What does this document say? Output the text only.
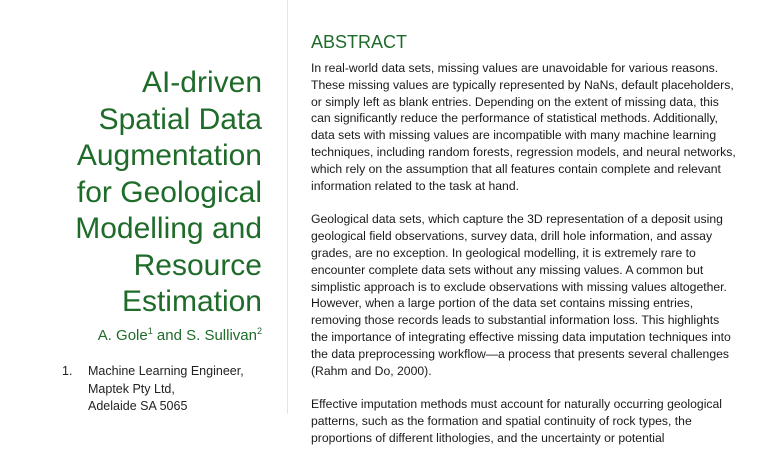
AI-driven
Spatial Data
Augmentation
for Geological
Modelling and
Resource
Estimation
A. Gole$^1$ and S. Sullivan$^2$
1. Machine Learning Engineer,
Maptek Pty Ltd,
Adelaide SA 5065
ABSTRACT

In real-world data sets, missing values are unavoidable for various reasons.
These missing values are typically represented by NaNs, default placeholders,
or simply left as blank entries. Depending on the extent of missing data, this
can significantly reduce the performance of statistical methods. Additionally,
data sets with missing values are incompatible with many machine learning
techniques, including random forests, regression models, and neural networks,
which rely on the assumption that all features contain complete and relevant
information related to the task at hand.

Geological data sets, which capture the 3D representation of a deposit using
geological field observations, survey data, drill hole information, and assay
grades, are no exception. In geological modelling, it is extremely rare to
encounter complete data sets without any missing values. A common but
simplistic approach is to exclude observations with missing values altogether.
However, when a large portion of the data set contains missing entries,
removing those records leads to substantial information loss. This highlights
the importance of integrating effective missing data imputation techniques into
the data preprocessing workflow—a process that presents several challenges
(Rahm and Do, 2000).

Effective imputation methods must account for naturally occurring geological
patterns, such as the formation and spatial continuity of rock types, the
proportions of different lithologies, and the uncertainty or potential
